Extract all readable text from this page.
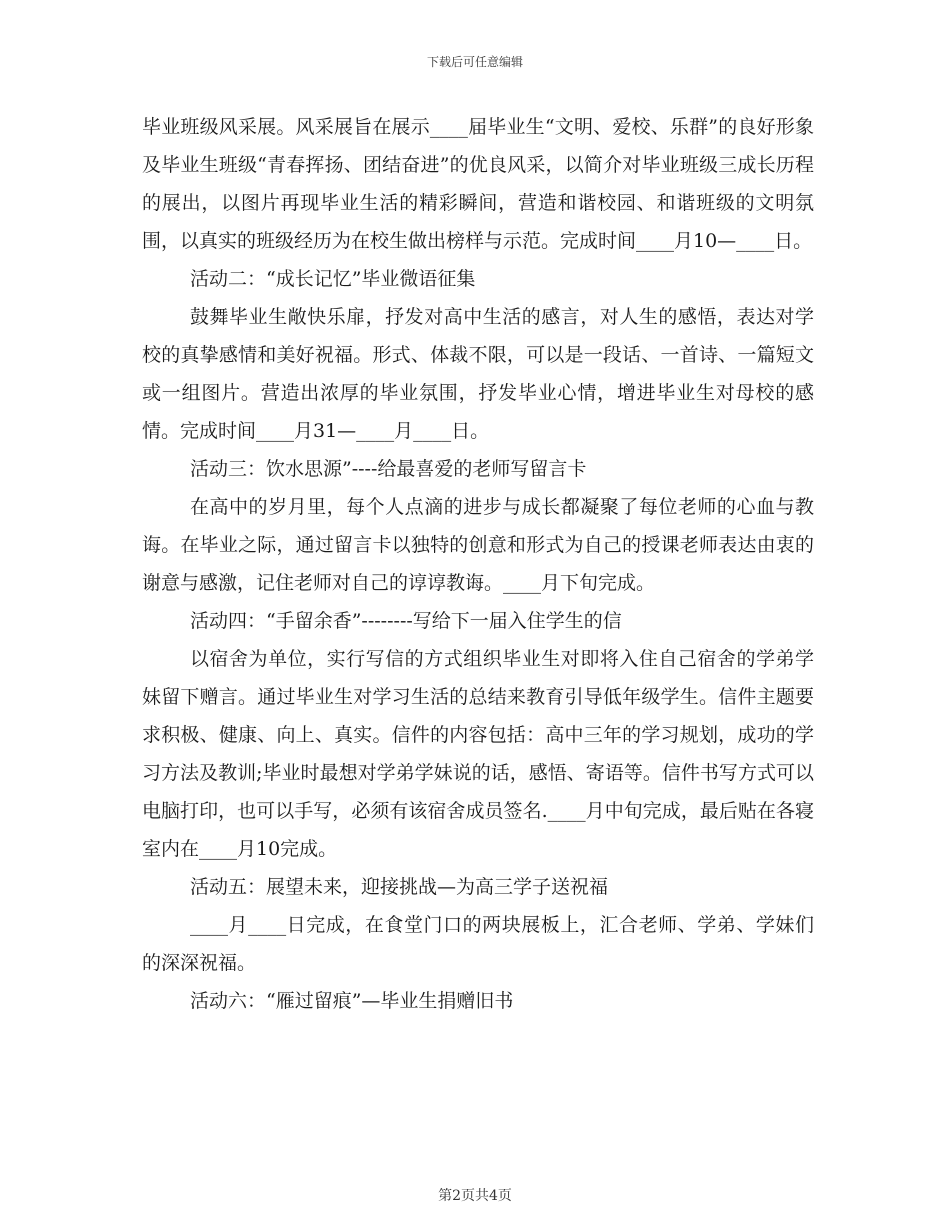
下载后可任意编辑

毕业班级风采展。风采展旨在展示____届毕业生“文明、爱校、乐群”的良好形象及毕业生班级“青春挥扬、团结奋进”的优良风采，以简介对毕业班级三成长历程的展出，以图片再现毕业生活的精彩瞬间，营造和谐校园、和谐班级的文明氛围，以真实的班级经历为在校生做出榜样与示范。完成时间____月10—____日。

活动二：“成长记忆”毕业微语征集

鼓舞毕业生敞快乐扉，抒发对高中生活的感言，对人生的感悟，表达对学校的真挚感情和美好祝福。形式、体裁不限，可以是一段话、一首诗、一篇短文或一组图片。营造出浓厚的毕业氛围，抒发毕业心情，增进毕业生对母校的感情。完成时间____月31—____月____日。

活动三：饮水思源”----给最喜爱的老师写留言卡

在高中的岁月里，每个人点滴的进步与成长都凝聚了每位老师的心血与教诲。在毕业之际，通过留言卡以独特的创意和形式为自己的授课老师表达由衷的谢意与感激，记住老师对自己的谆谆教诲。____月下旬完成。

活动四：“手留余香”--------写给下一届入住学生的信

以宿舍为单位，实行写信的方式组织毕业生对即将入住自己宿舍的学弟学妹留下赠言。通过毕业生对学习生活的总结来教育引导低年级学生。信件主题要求积极、健康、向上、真实。信件的内容包括：高中三年的学习规划，成功的学习方法及教训;毕业时最想对学弟学妹说的话，感悟、寄语等。信件书写方式可以电脑打印，也可以手写，必须有该宿舍成员签名.____月中旬完成，最后贴在各寝室内在____月10完成。

活动五：展望未来，迎接挑战—为高三学子送祝福

____月____日完成，在食堂门口的两块展板上，汇合老师、学弟、学妹们的深深祝福。

活动六：“雁过留痕”—毕业生捐赠旧书

第2页共4页
